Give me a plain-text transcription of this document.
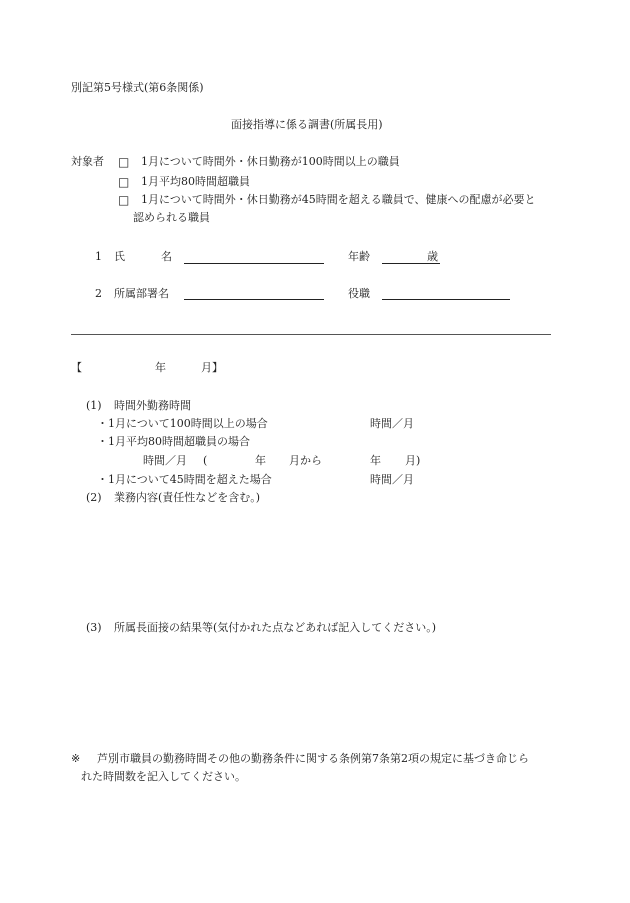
別記第5号様式(第6条関係)
面接指導に係る調書(所属長用)
対象者 □ 1月について時間外・休日勤務が100時間以上の職員
□ 1月平均80時間超職員
□ 1月について時間外・休日勤務が45時間を超える職員で、健康への配慮が必要と
認められる職員
1 氏	名	年齢	歳
2 所属部署名	役職
【	年	月】
(1) 時間外勤務時間
・1月について100時間以上の場合	時間／月
・1月平均80時間超職員の場合
時間／月 (	年 月から	年 月)
・1月について45時間を超えた場合	時間／月
(2) 業務内容(責任性などを含む。)
(3) 所属長面接の結果等(気付かれた点などあれば記入してください。)
※ 芦別市職員の勤務時間その他の勤務条件に関する条例第7条第2項の規定に基づき命じら
れた時間数を記入してください。
